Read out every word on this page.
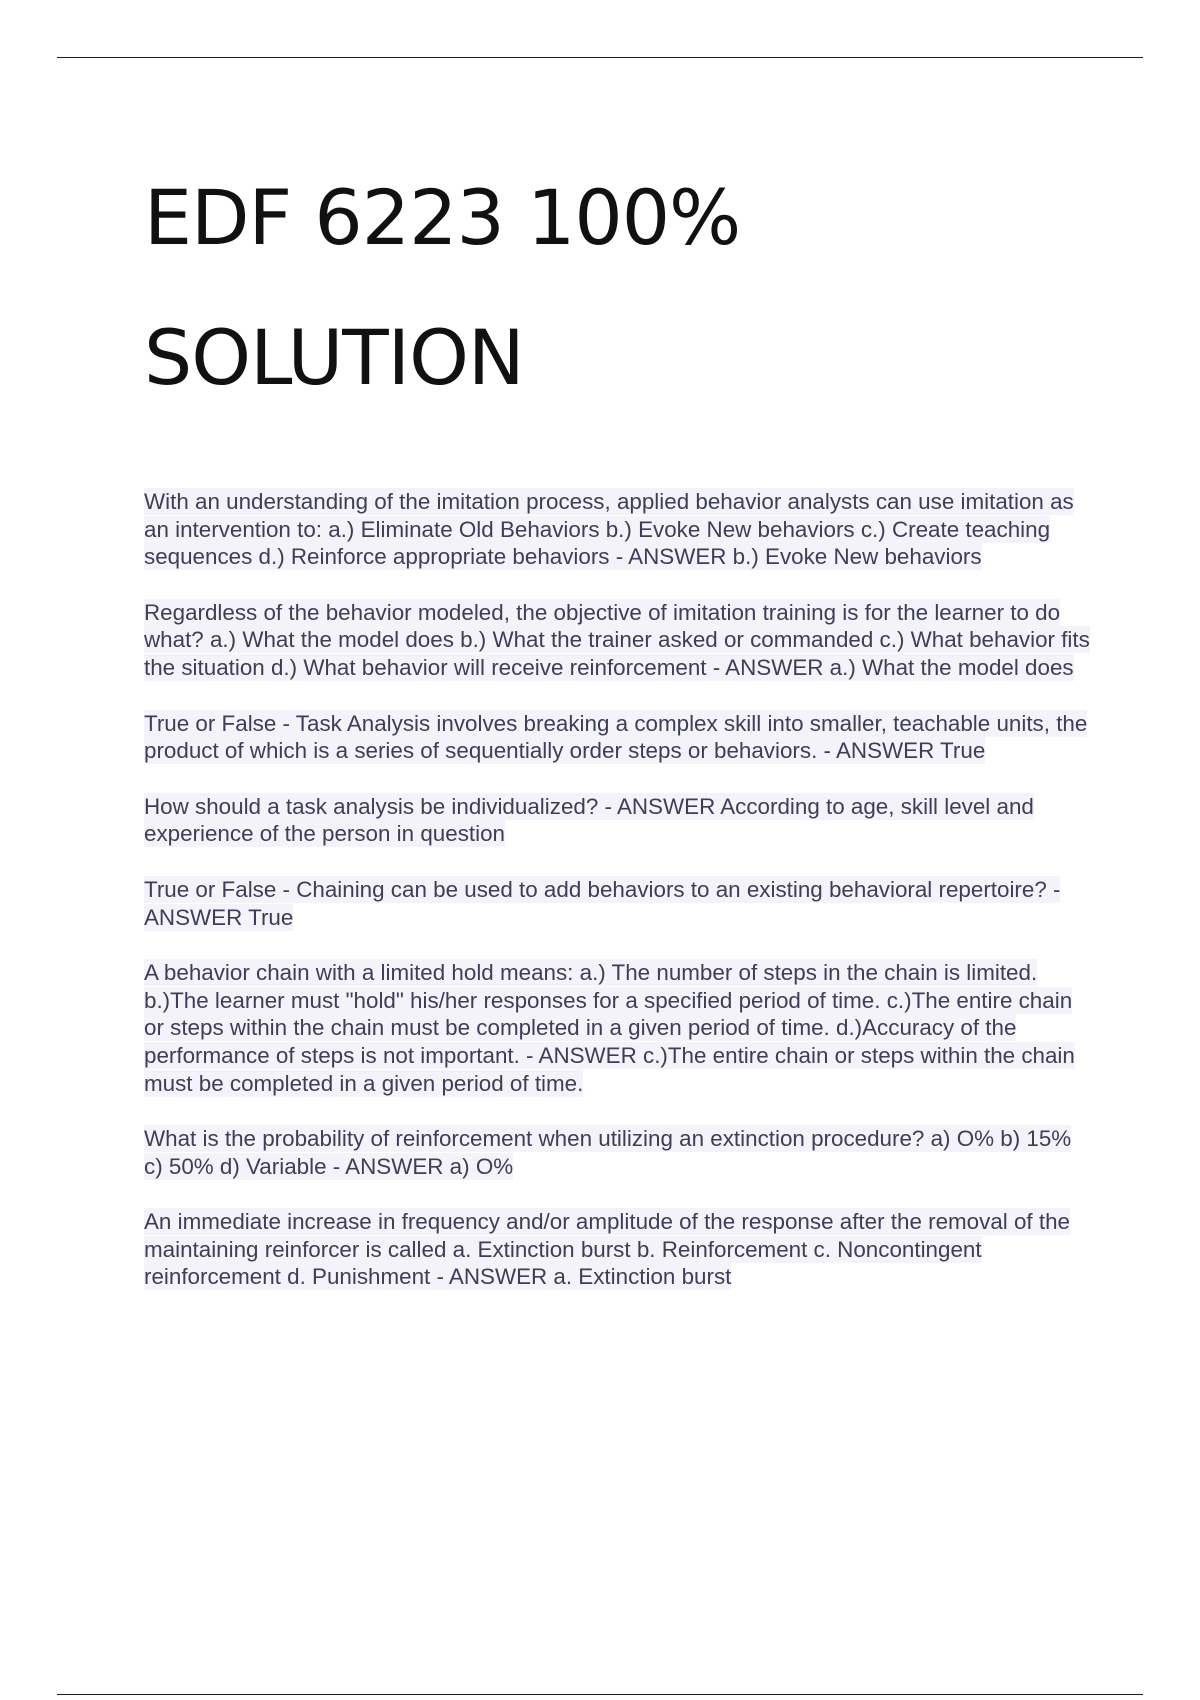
EDF 6223 100%
SOLUTION

With an understanding of the imitation process, applied behavior analysts can use imitation as an intervention to: a.) Eliminate Old Behaviors b.) Evoke New behaviors c.) Create teaching sequences d.) Reinforce appropriate behaviors - ANSWER b.) Evoke New behaviors

Regardless of the behavior modeled, the objective of imitation training is for the learner to do what? a.) What the model does b.) What the trainer asked or commanded c.) What behavior fits the situation d.) What behavior will receive reinforcement - ANSWER a.) What the model does

True or False - Task Analysis involves breaking a complex skill into smaller, teachable units, the product of which is a series of sequentially order steps or behaviors. - ANSWER True

How should a task analysis be individualized? - ANSWER According to age, skill level and experience of the person in question

True or False - Chaining can be used to add behaviors to an existing behavioral repertoire? - ANSWER True

A behavior chain with a limited hold means: a.) The number of steps in the chain is limited. b.)The learner must "hold" his/her responses for a specified period of time. c.)The entire chain or steps within the chain must be completed in a given period of time. d.)Accuracy of the performance of steps is not important. - ANSWER c.)The entire chain or steps within the chain must be completed in a given period of time.

What is the probability of reinforcement when utilizing an extinction procedure? a) O% b) 15% c) 50% d) Variable - ANSWER a) O%

An immediate increase in frequency and/or amplitude of the response after the removal of the maintaining reinforcer is called a. Extinction burst b. Reinforcement c. Noncontingent reinforcement d. Punishment - ANSWER a. Extinction burst
